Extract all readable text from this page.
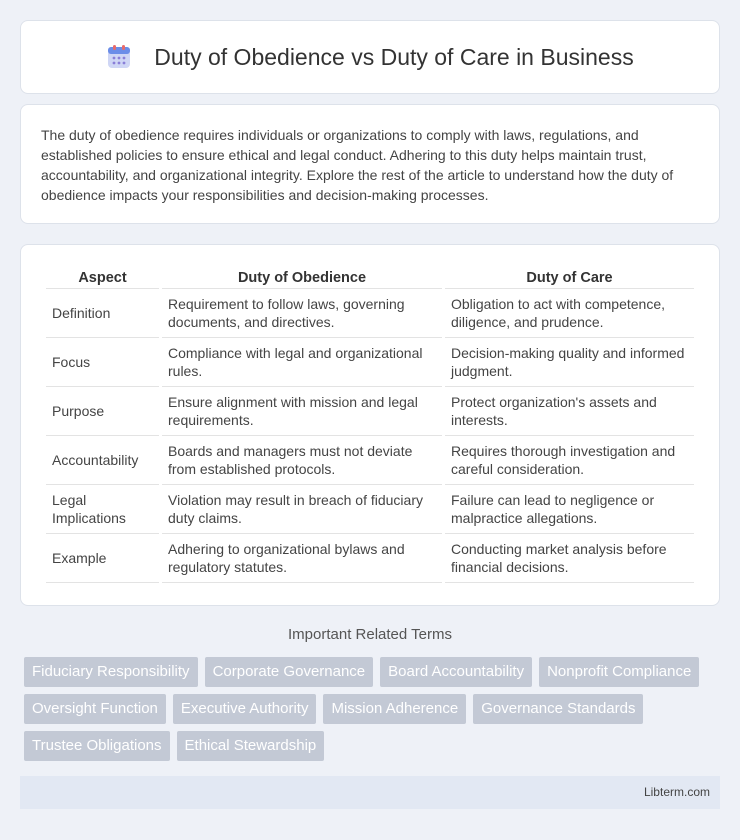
Duty of Obedience vs Duty of Care in Business

The duty of obedience requires individuals or organizations to comply with laws, regulations, and established policies to ensure ethical and legal conduct. Adhering to this duty helps maintain trust, accountability, and organizational integrity. Explore the rest of the article to understand how the duty of obedience impacts your responsibilities and decision-making processes.

Aspect	Duty of Obedience	Duty of Care
Definition	Requirement to follow laws, governing documents, and directives.	Obligation to act with competence, diligence, and prudence.
Focus	Compliance with legal and organizational rules.	Decision-making quality and informed judgment.
Purpose	Ensure alignment with mission and legal requirements.	Protect organization's assets and interests.
Accountability	Boards and managers must not deviate from established protocols.	Requires thorough investigation and careful consideration.
Legal Implications	Violation may result in breach of fiduciary duty claims.	Failure can lead to negligence or malpractice allegations.
Example	Adhering to organizational bylaws and regulatory statutes.	Conducting market analysis before financial decisions.
Important Related Terms
Fiduciary Responsibility	Corporate Governance	Board Accountability	Nonprofit Compliance
Oversight Function	Executive Authority	Mission Adherence	Governance Standards
Trustee Obligations	Ethical Stewardship
Libterm.com
